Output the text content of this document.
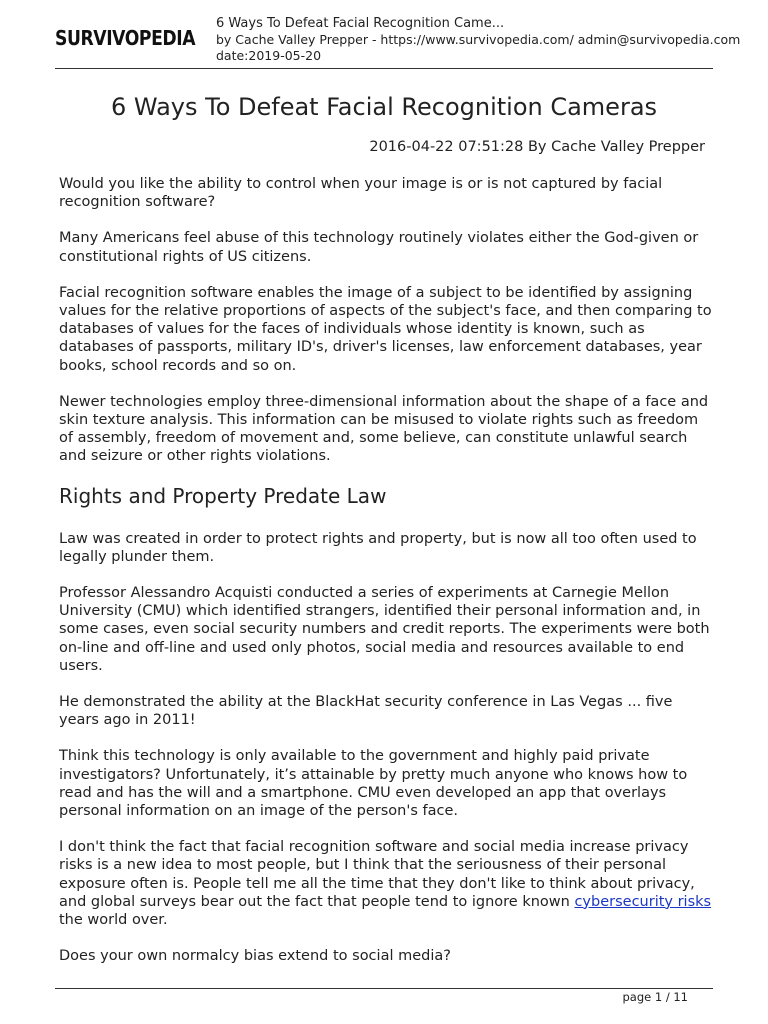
SURVIVOPEDIA
6 Ways To Defeat Facial Recognition Came...
by Cache Valley Prepper - https://www.survivopedia.com/ admin@survivopedia.com
date:2019-05-20
6 Ways To Defeat Facial Recognition Cameras
2016-04-22 07:51:28 By Cache Valley Prepper

Would you like the ability to control when your image is or is not captured by facial recognition software?

Many Americans feel abuse of this technology routinely violates either the God-given or constitutional rights of US citizens.

Facial recognition software enables the image of a subject to be identified by assigning values for the relative proportions of aspects of the subject's face, and then comparing to databases of values for the faces of individuals whose identity is known, such as databases of passports, military ID's, driver's licenses, law enforcement databases, year books, school records and so on.

Newer technologies employ three-dimensional information about the shape of a face and skin texture analysis. This information can be misused to violate rights such as freedom of assembly, freedom of movement and, some believe, can constitute unlawful search and seizure or other rights violations.

Rights and Property Predate Law

Law was created in order to protect rights and property, but is now all too often used to legally plunder them.

Professor Alessandro Acquisti conducted a series of experiments at Carnegie Mellon University (CMU) which identified strangers, identified their personal information and, in some cases, even social security numbers and credit reports. The experiments were both on-line and off-line and used only photos, social media and resources available to end users.

He demonstrated the ability at the BlackHat security conference in Las Vegas ... five years ago in 2011!

Think this technology is only available to the government and highly paid private investigators? Unfortunately, it’s attainable by pretty much anyone who knows how to read and has the will and a smartphone. CMU even developed an app that overlays personal information on an image of the person's face.

I don't think the fact that facial recognition software and social media increase privacy risks is a new idea to most people, but I think that the seriousness of their personal exposure often is. People tell me all the time that they don't like to think about privacy, and global surveys bear out the fact that people tend to ignore known cybersecurity risks the world over.

Does your own normalcy bias extend to social media?

page 1 / 11
